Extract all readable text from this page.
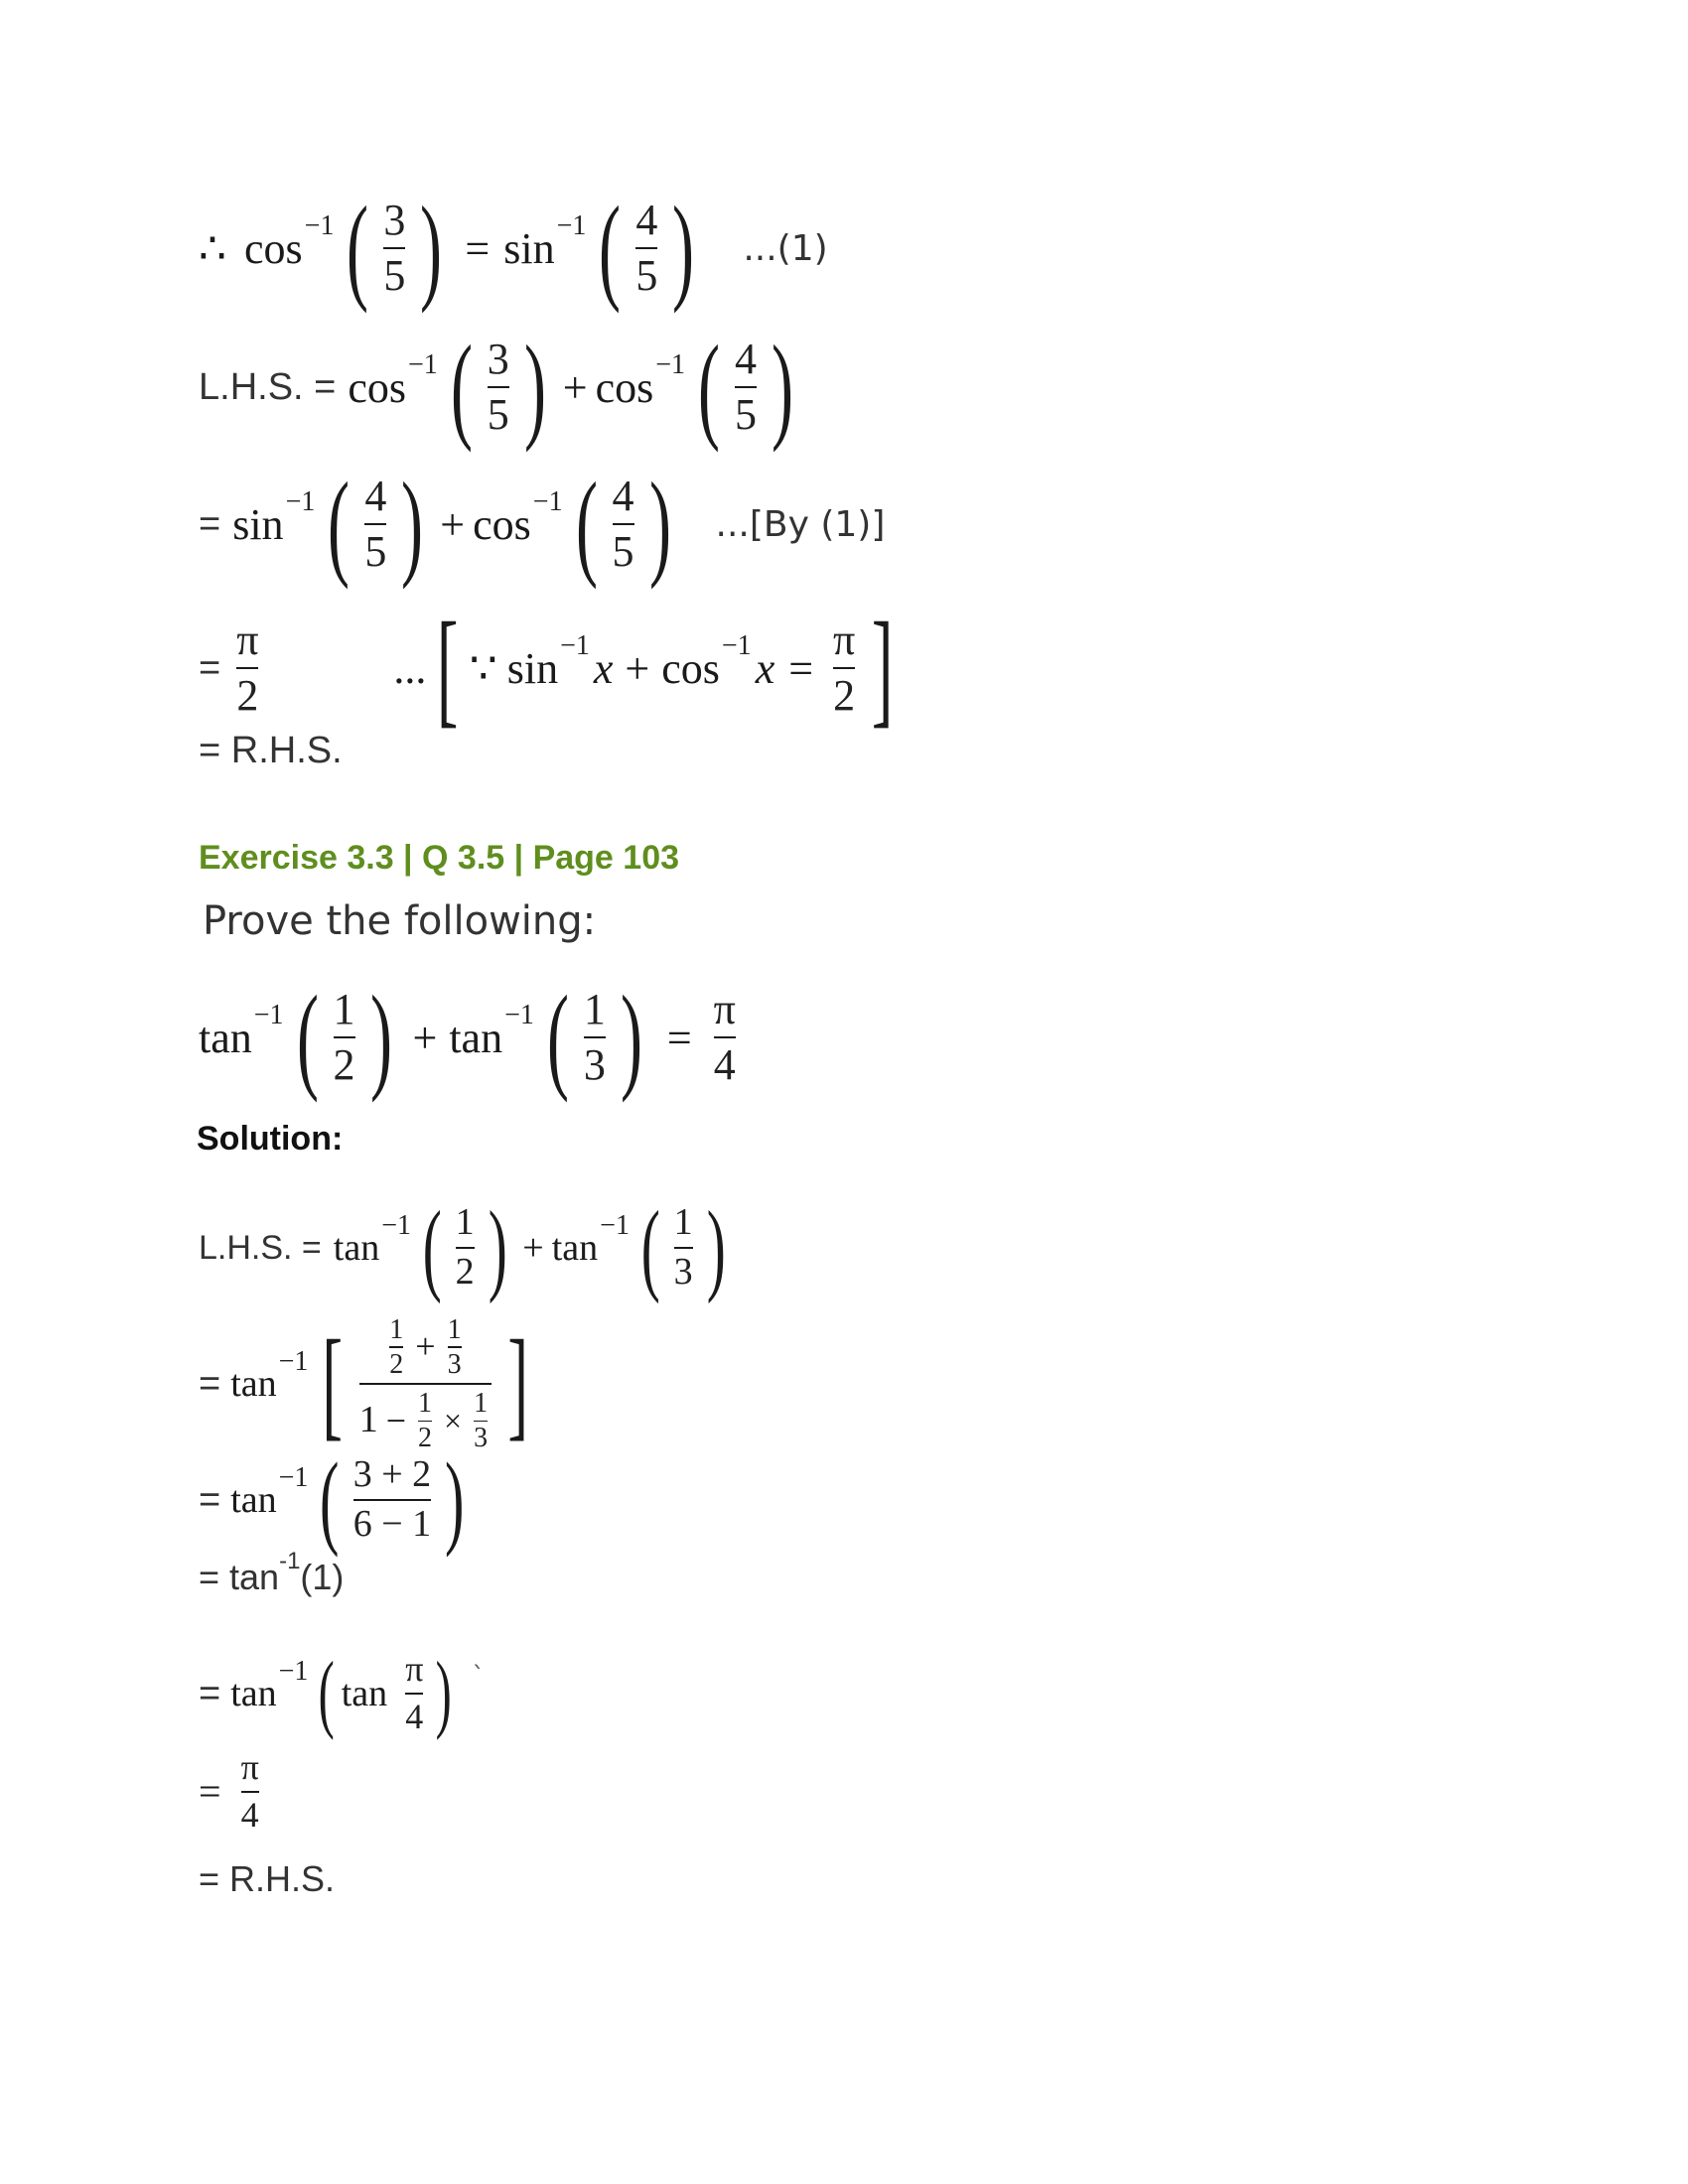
∴ cos −1 ( $\frac{3}{5}$ ) = sin −1 ( $\frac{4}{5}$ ) ...(1)
L.H.S. = cos −1 ( $\frac{3}{5}$ ) + cos −1 ( $\frac{4}{5}$ )
= sin −1 ( $\frac{4}{5}$ ) + cos −1 ( $\frac{4}{5}$ ) ...[By (1)]
= $\frac{\pi}{2}$	... [ ∵ sin −1 x + cos −1 $x = \frac{\pi}{2}$ ]
= R.H.S.
Exercise 3.3 | Q 3.5 | Page 103
Prove the following:
tan −1 ( $\frac{1}{2}$ ) + tan −1 ( $\frac{1}{3}$ ) = $\frac{\pi}{4}$
Solution:
L.H.S. = tan
−1 ( $\frac{1}{2}$ ) + tan
−1 ( $\frac{1}{3}$ )
= tan
−1 [ $\frac{1}{2} + \frac{1}{3}$
$1 - \frac{1}{2} \times \frac{1}{3}$ ]
= tan
−1 ( $\frac{3 + 2}{6 - 1}$ )
= tan -1 (1)
= tan
−1 ( $\tan \frac{\pi}{4}$ ) `
= $\frac{\pi}{4}$
= R.H.S.
